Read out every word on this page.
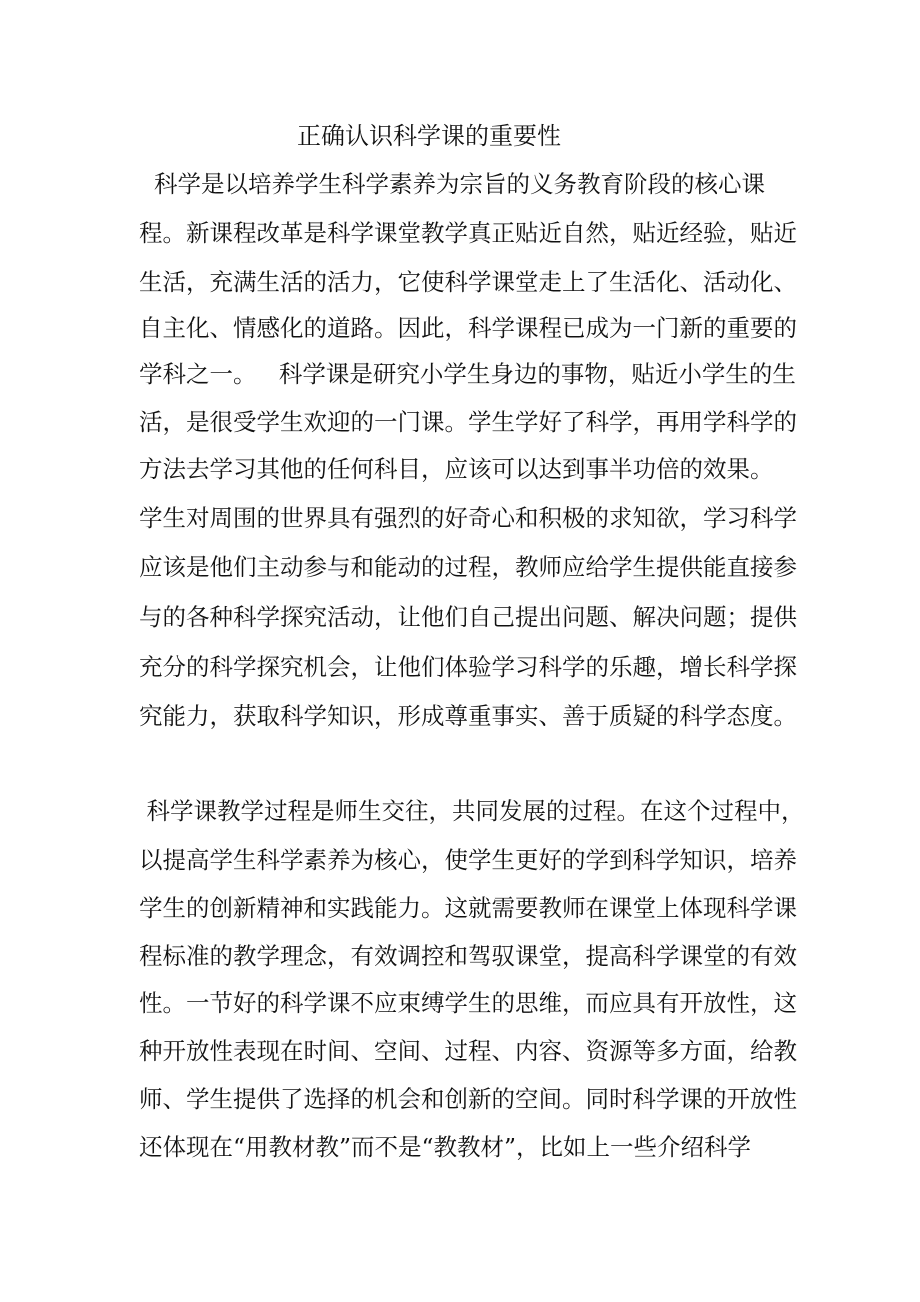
正确认识科学课的重要性
科学是以培养学生科学素养为宗旨的义务教育阶段的核心课
程。新课程改革是科学课堂教学真正贴近自然，贴近经验，贴近
生活，充满生活的活力，它使科学课堂走上了生活化、活动化、
自主化、情感化的道路。因此，科学课程已成为一门新的重要的
学科之一。   科学课是研究小学生身边的事物，贴近小学生的生
活，是很受学生欢迎的一门课。学生学好了科学，再用学科学的
方法去学习其他的任何科目，应该可以达到事半功倍的效果。
学生对周围的世界具有强烈的好奇心和积极的求知欲，学习科学
应该是他们主动参与和能动的过程，教师应给学生提供能直接参
与的各种科学探究活动，让他们自己提出问题、解决问题；提供
充分的科学探究机会，让他们体验学习科学的乐趣，增长科学探
究能力，获取科学知识，形成尊重事实、善于质疑的科学态度。
科学课教学过程是师生交往，共同发展的过程。在这个过程中，
以提高学生科学素养为核心，使学生更好的学到科学知识，培养
学生的创新精神和实践能力。这就需要教师在课堂上体现科学课
程标准的教学理念，有效调控和驾驭课堂，提高科学课堂的有效
性。一节好的科学课不应束缚学生的思维，而应具有开放性，这
种开放性表现在时间、空间、过程、内容、资源等多方面，给教
师、学生提供了选择的机会和创新的空间。同时科学课的开放性
还体现在“用教材教”而不是“教教材”，比如上一些介绍科学
